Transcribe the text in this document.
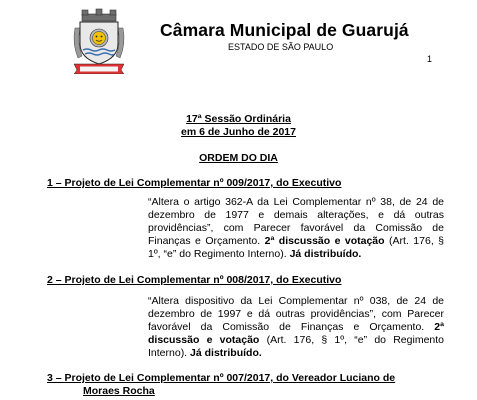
Câmara Municipal de Guarujá
ESTADO DE SÃO PAULO
1
17ª Sessão Ordinária
em 6 de Junho de 2017
ORDEM DO DIA
1 – Projeto de Lei Complementar nº 009/2017, do Executivo
“Altera o artigo 362-A da Lei Complementar nº 38, de 24 de dezembro de 1977 e demais alterações, e dá outras providências”, com Parecer favorável da Comissão de Finanças e Orçamento. 2ª discussão e votação (Art. 176, § 1º, “e” do Regimento Interno). Já distribuído.
2 – Projeto de Lei Complementar nº 008/2017, do Executivo
“Altera dispositivo da Lei Complementar nº 038, de 24 de dezembro de 1997 e dá outras providências”, com Parecer favorável da Comissão de Finanças e Orçamento. 2ª discussão e votação (Art. 176, § 1º, “e” do Regimento Interno). Já distribuído.
3 – Projeto de Lei Complementar nº 007/2017, do Vereador Luciano de
Moraes Rocha
